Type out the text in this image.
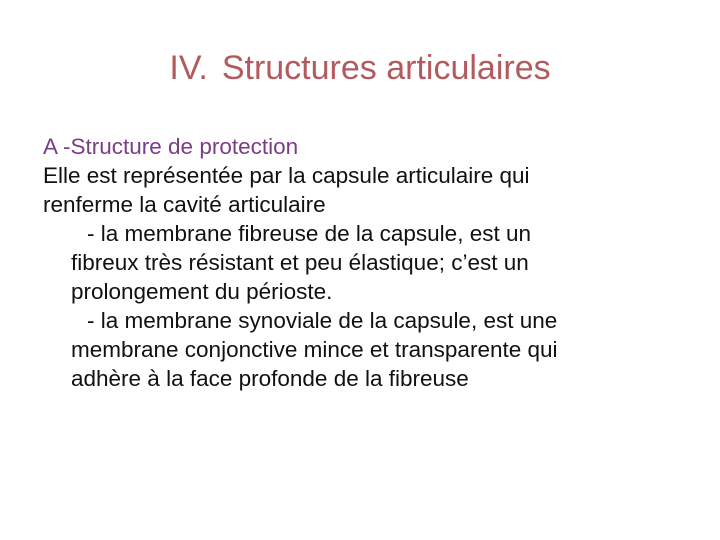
IV. Structures articulaires

A -Structure de protection

Elle est représentée par la capsule articulaire qui
renferme la cavité articulaire

- la membrane fibreuse de la capsule, est un
fibreux très résistant et peu élastique; c’est un
prolongement du périoste.

- la membrane synoviale de la capsule, est une
membrane conjonctive mince et transparente qui
adhère à la face profonde de la fibreuse
